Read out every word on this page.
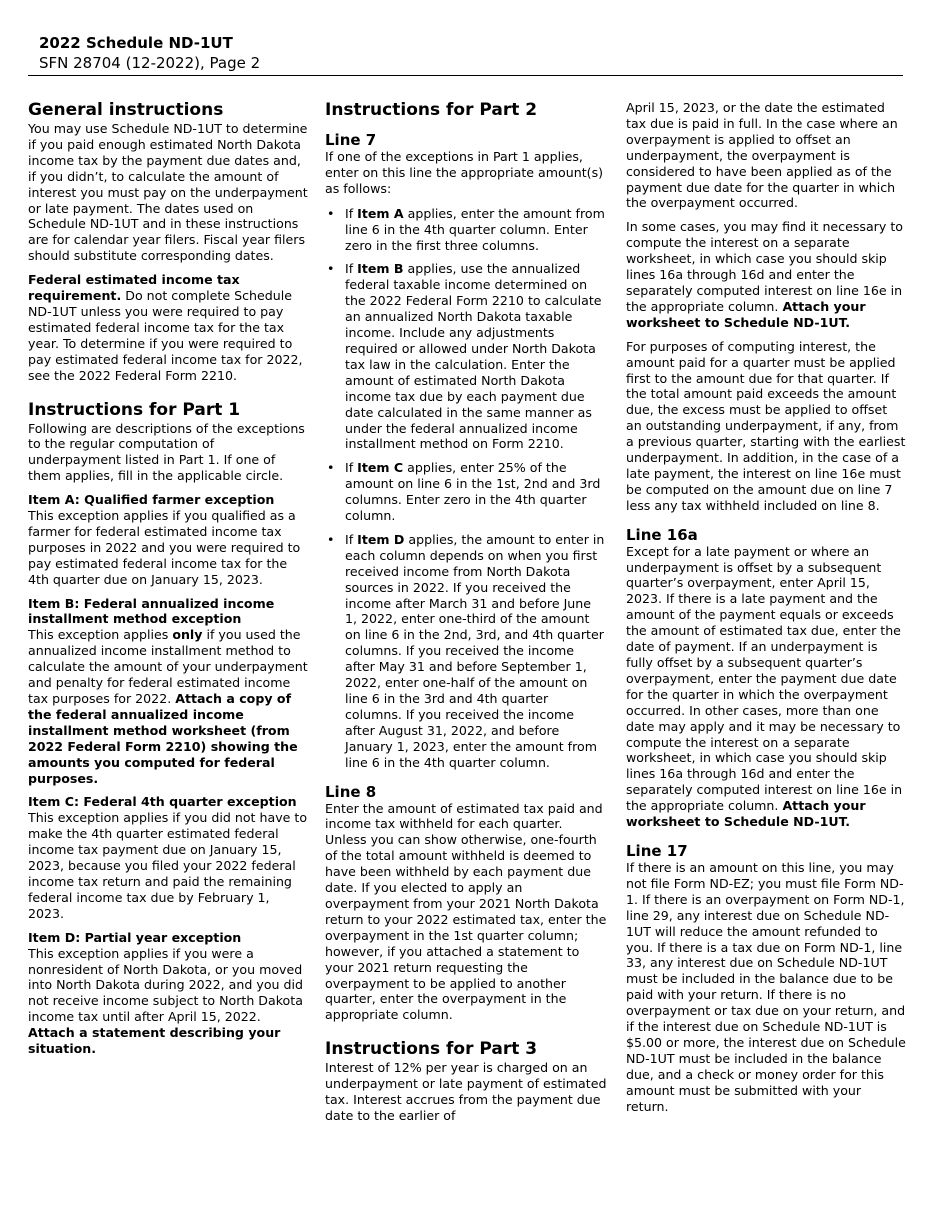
2022 Schedule ND-1UT
SFN 28704 (12-2022), Page 2
General instructions

You may use Schedule ND-1UT to determine if you paid enough estimated North Dakota income tax by the payment due dates and, if you didn’t, to calculate the amount of interest you must pay on the underpayment or late payment. The dates used on Schedule ND-1UT and in these instructions are for calendar year filers. Fiscal year filers should substitute corresponding dates.

Federal estimated income tax requirement. Do not complete Schedule ND-1UT unless you were required to pay estimated federal income tax for the tax year. To determine if you were required to pay estimated federal income tax for 2022, see the 2022 Federal Form 2210.

Instructions for Part 1

Following are descriptions of the exceptions to the regular computation of underpayment listed in Part 1. If one of them applies, fill in the applicable circle.

Item A: Qualified farmer exception

This exception applies if you qualified as a farmer for federal estimated income tax purposes in 2022 and you were required to pay estimated federal income tax for the 4th quarter due on January 15, 2023.

Item B: Federal annualized income installment method exception

This exception applies only if you used the annualized income installment method to calculate the amount of your underpayment and penalty for federal estimated income tax purposes for 2022. Attach a copy of the federal annualized income installment method worksheet (from 2022 Federal Form 2210) showing the amounts you computed for federal purposes.

Item C: Federal 4th quarter exception

This exception applies if you did not have to make the 4th quarter estimated federal income tax payment due on January 15, 2023, because you filed your 2022 federal income tax return and paid the remaining federal income tax due by February 1, 2023.

Item D: Partial year exception

This exception applies if you were a nonresident of North Dakota, or you moved into North Dakota during 2022, and you did not receive income subject to North Dakota income tax until after April 15, 2022. Attach a statement describing your situation.

Instructions for Part 2
Line 7

If one of the exceptions in Part 1 applies, enter on this line the appropriate amount(s) as follows:

• If Item A applies, enter the amount from line 6 in the 4th quarter column. Enter zero in the first three columns.
• If Item B applies, use the annualized federal taxable income determined on the 2022 Federal Form 2210 to calculate an annualized North Dakota taxable income. Include any adjustments required or allowed under North Dakota tax law in the calculation. Enter the amount of estimated North Dakota income tax due by each payment due date calculated in the same manner as under the federal annualized income installment method on Form 2210.
• If Item C applies, enter 25% of the amount on line 6 in the 1st, 2nd and 3rd columns. Enter zero in the 4th quarter column.
• If Item D applies, the amount to enter in each column depends on when you first received income from North Dakota sources in 2022. If you received the income after March 31 and before June 1, 2022, enter one-third of the amount on line 6 in the 2nd, 3rd, and 4th quarter columns. If you received the income after May 31 and before September 1, 2022, enter one-half of the amount on line 6 in the 3rd and 4th quarter columns. If you received the income after August 31, 2022, and before January 1, 2023, enter the amount from line 6 in the 4th quarter column.
Line 8

Enter the amount of estimated tax paid and income tax withheld for each quarter. Unless you can show otherwise, one-fourth of the total amount withheld is deemed to have been withheld by each payment due date. If you elected to apply an overpayment from your 2021 North Dakota return to your 2022 estimated tax, enter the overpayment in the 1st quarter column; however, if you attached a statement to your 2021 return requesting the overpayment to be applied to another quarter, enter the overpayment in the appropriate column.

Instructions for Part 3

Interest of 12% per year is charged on an underpayment or late payment of estimated tax. Interest accrues from the payment due date to the earlier of

April 15, 2023, or the date the estimated tax due is paid in full. In the case where an overpayment is applied to offset an underpayment, the overpayment is considered to have been applied as of the payment due date for the quarter in which the overpayment occurred.

In some cases, you may find it necessary to compute the interest on a separate worksheet, in which case you should skip lines 16a through 16d and enter the separately computed interest on line 16e in the appropriate column. Attach your worksheet to Schedule ND-1UT.

For purposes of computing interest, the amount paid for a quarter must be applied first to the amount due for that quarter. If the total amount paid exceeds the amount due, the excess must be applied to offset an outstanding underpayment, if any, from a previous quarter, starting with the earliest underpayment. In addition, in the case of a late payment, the interest on line 16e must be computed on the amount due on line 7 less any tax withheld included on line 8.

Line 16a

Except for a late payment or where an underpayment is offset by a subsequent quarter’s overpayment, enter April 15, 2023. If there is a late payment and the amount of the payment equals or exceeds the amount of estimated tax due, enter the date of payment. If an underpayment is fully offset by a subsequent quarter’s overpayment, enter the payment due date for the quarter in which the overpayment occurred. In other cases, more than one date may apply and it may be necessary to compute the interest on a separate worksheet, in which case you should skip lines 16a through 16d and enter the separately computed interest on line 16e in the appropriate column. Attach your worksheet to Schedule ND-1UT.

Line 17

If there is an amount on this line, you may not file Form ND-EZ; you must file Form ND-1. If there is an overpayment on Form ND-1, line 29, any interest due on Schedule ND-1UT will reduce the amount refunded to you. If there is a tax due on Form ND-1, line 33, any interest due on Schedule ND-1UT must be included in the balance due to be paid with your return. If there is no overpayment or tax due on your return, and if the interest due on Schedule ND-1UT is $5.00 or more, the interest due on Schedule ND-1UT must be included in the balance due, and a check or money order for this amount must be submitted with your return.
